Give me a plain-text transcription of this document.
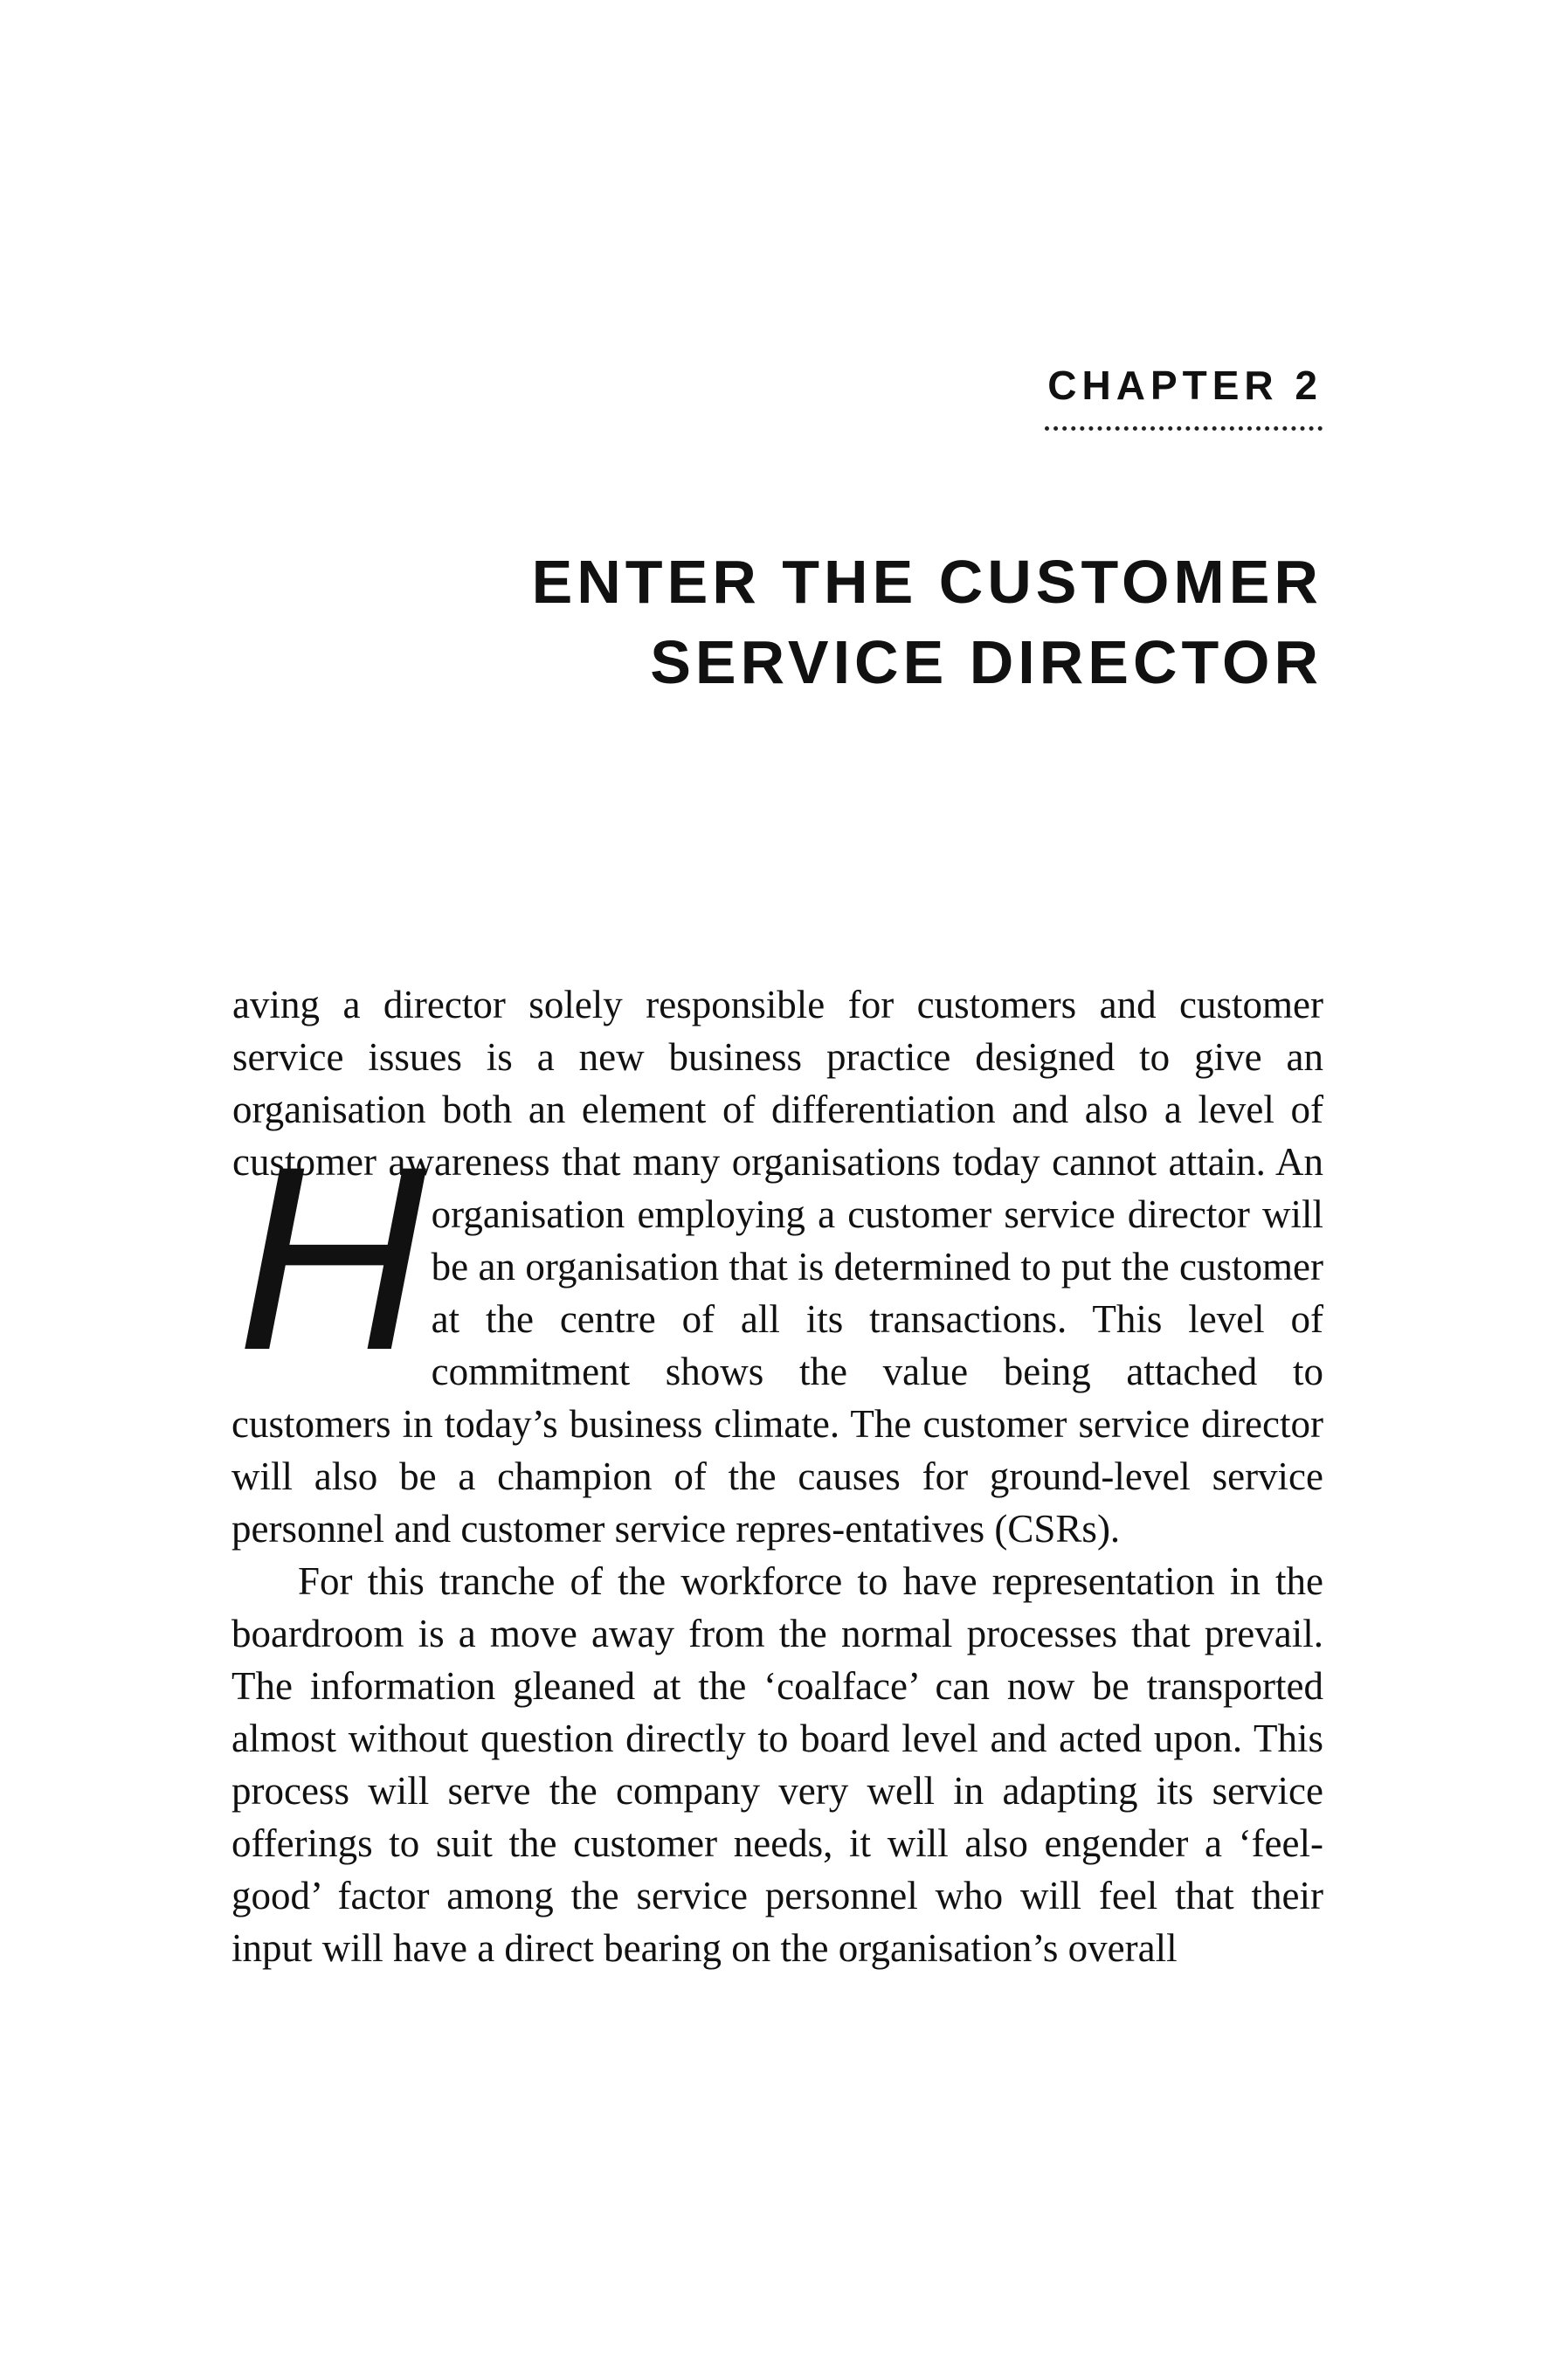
CHAPTER 2
ENTER THE CUSTOMER
SERVICE DIRECTOR

H
aving a director solely responsible for customers and customer service issues is a new business practice designed to give an organisation both an element of differentiation and also a level of customer awareness that many organisations today cannot attain. An organisation employing a customer service director will be an organisation that is determined to put the customer at the centre of all its transactions. This level of commitment shows the value being attached to customers in today’s business climate. The customer service director will also be a champion of the causes for ground-level service personnel and customer service repres-entatives (CSRs).

For this tranche of the workforce to have representation in the boardroom is a move away from the normal processes that prevail. The information gleaned at the ‘coalface’ can now be transported almost without question directly to board level and acted upon. This process will serve the company very well in adapting its service offerings to suit the customer needs, it will also engender a ‘feel-good’ factor among the service personnel who will feel that their input will have a direct bearing on the organisation’s overall
